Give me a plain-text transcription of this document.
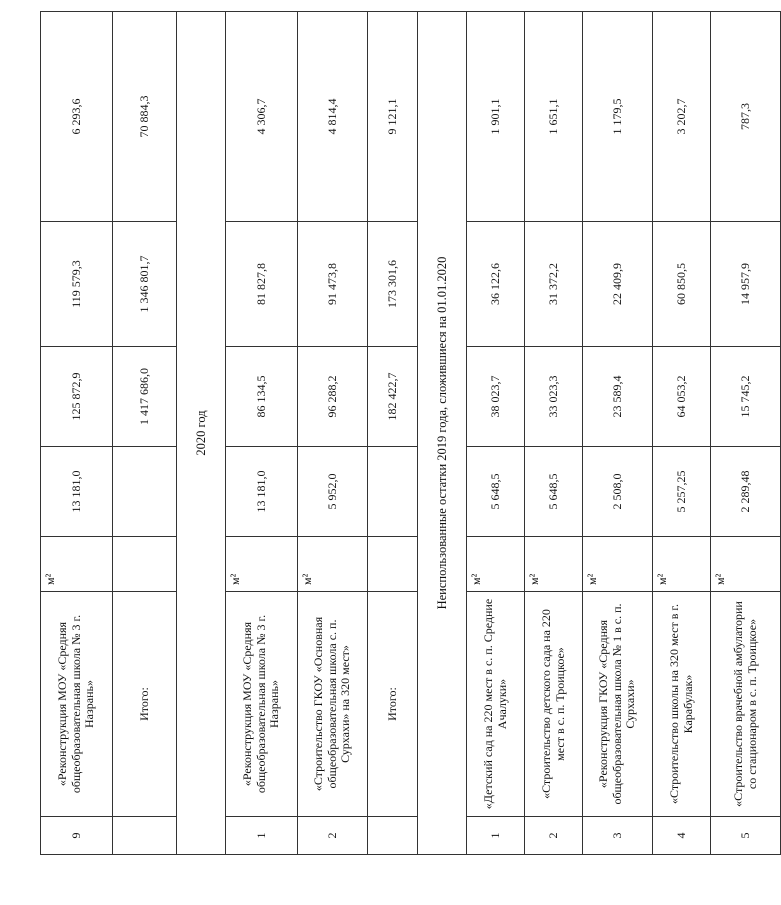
9	«Реконструкция МОУ «Средняя общеобразовательная школа № 3 г. Назрань»	м²	13 181,0	125 872,9	119 579,3	6 293,6
	Итого:			1 417 686,0	1 346 801,7	70 884,3
2020 год						
1	«Реконструкция МОУ «Средняя общеобразовательная школа № 3 г. Назрань»	м²	13 181,0	86 134,5	81 827,8	4 306,7
2	«Строительство ГКОУ «Основная общеобразовательная школа с. п. Сурхахи» на 320 мест»	м²	5 952,0	96 288,2	91 473,8	4 814,4
	Итого:			182 422,7	173 301,6	9 121,1
Неиспользованные остатки 2019 года, сложившиеся на 01.01.2020						
1	«Детский сад на 220 мест в с. п. Средние Ачалуки»	м²	5 648,5	38 023,7	36 122,6	1 901,1
2	«Строительство детского сада на 220 мест в с. п. Троицкое»	м²	5 648,5	33 023,3	31 372,2	1 651,1
3	«Реконструкция ГКОУ «Средняя общеобразовательная школа № 1 в с. п. Сурхахи»	м²	2 508,0	23 589,4	22 409,9	1 179,5
4	«Строительство школы на 320 мест в г. Карабулак»	м²	5 257,25	64 053,2	60 850,5	3 202,7
5	«Строительство врачебной амбулатории со стационаром в с. п. Троицкое»	м²	2 289,48	15 745,2	14 957,9	787,3
